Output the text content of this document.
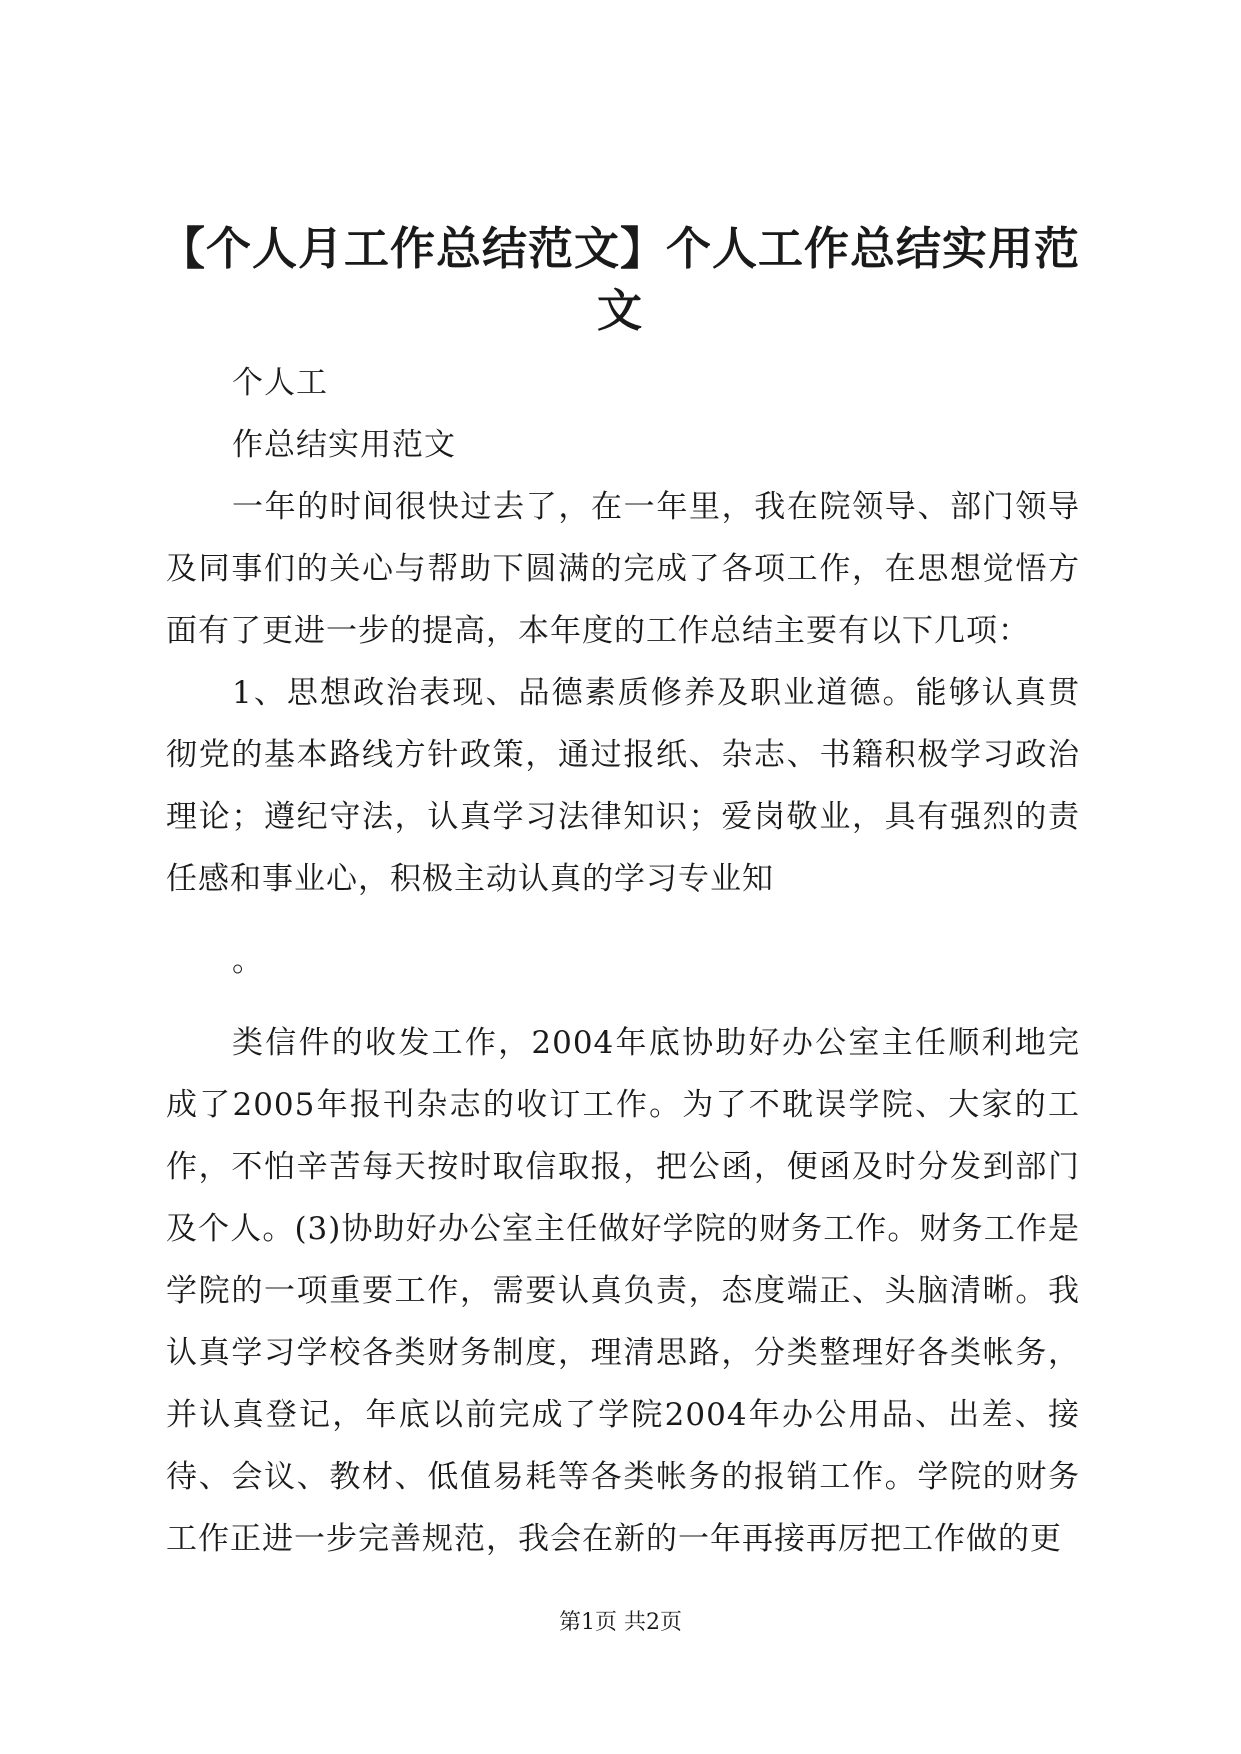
【个人月工作总结范文】个人工作总结实用范文

个人工

作总结实用范文

一年的时间很快过去了，在一年里，我在院领导、部门领导及同事们的关心与帮助下圆满的完成了各项工作，在思想觉悟方面有了更进一步的提高，本年度的工作总结主要有以下几项：

1、思想政治表现、品德素质修养及职业道德。能够认真贯彻党的基本路线方针政策，通过报纸、杂志、书籍积极学习政治理论；遵纪守法，认真学习法律知识；爱岗敬业，具有强烈的责任感和事业心，积极主动认真的学习专业知

。

类信件的收发工作，2004年底协助好办公室主任顺利地完成了2005年报刊杂志的收订工作。为了不耽误学院、大家的工作，不怕辛苦每天按时取信取报，把公函，便函及时分发到部门及个人。(3)协助好办公室主任做好学院的财务工作。财务工作是学院的一项重要工作，需要认真负责，态度端正、头脑清晰。我认真学习学校各类财务制度，理清思路，分类整理好各类帐务，并认真登记，年底以前完成了学院2004年办公用品、出差、接待、会议、教材、低值易耗等各类帐务的报销工作。学院的财务工作正进一步完善规范，我会在新的一年再接再厉把工作做的更

第1页 共2页
